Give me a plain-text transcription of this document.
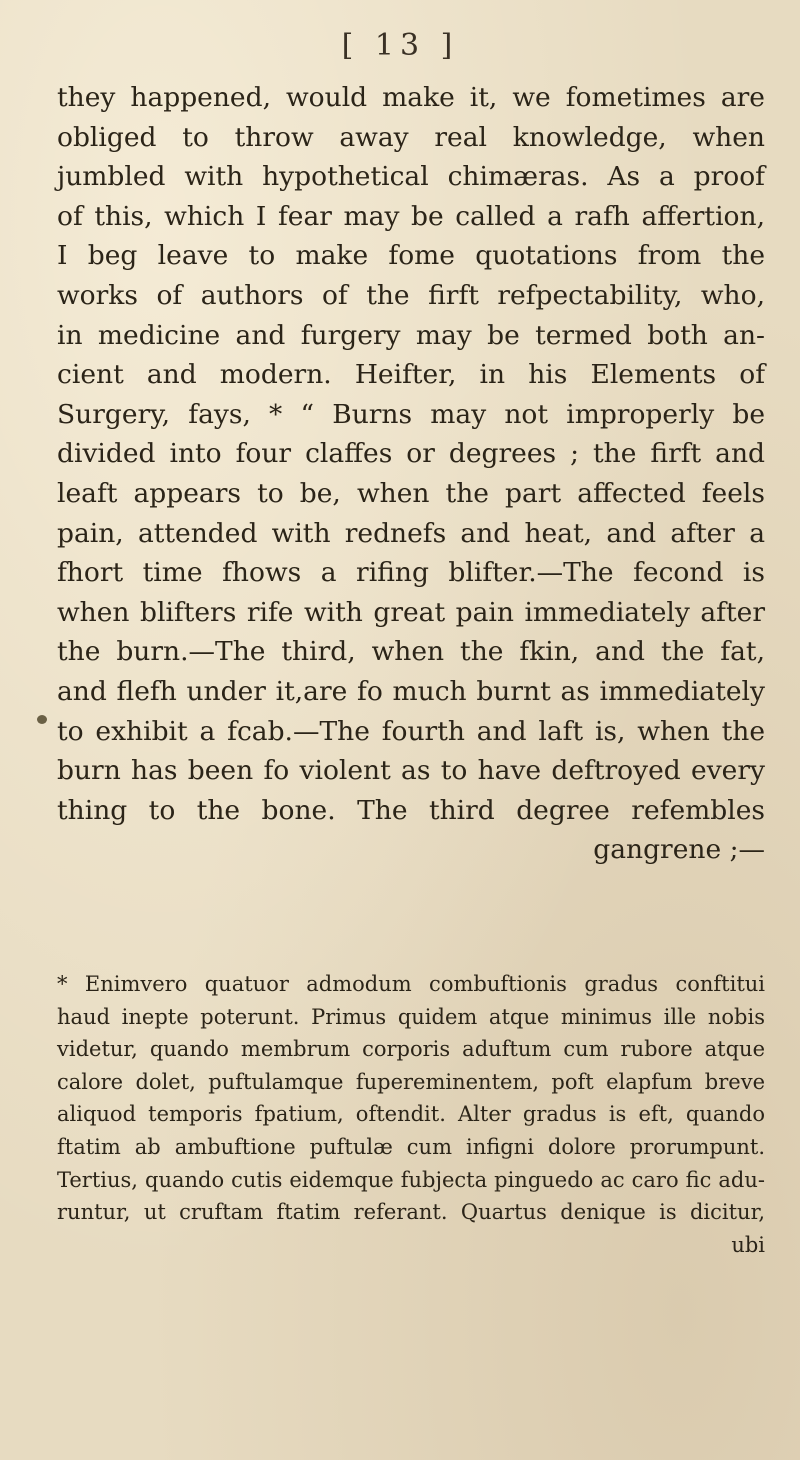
[ 13 ]
they happened, would make it, we fometimes are
obliged to throw away real knowledge, when
jumbled with hypothetical chimæras. As a proof
of this, which I fear may be called a rafh affertion,
I beg leave to make fome quotations from the
works of authors of the firft refpectability, who,
in medicine and furgery may be termed both an-
cient and modern. Heifter, in his Elements of
Surgery, fays, * “ Burns may not improperly be
divided into four claffes or degrees ; the firft and
leaft appears to be, when the part affected feels
pain, attended with rednefs and heat, and after a
fhort time fhows a rifing blifter.—The fecond is
when blifters rife with great pain immediately after
the burn.—The third, when the fkin, and the fat,
and flefh under it,are fo much burnt as immediately
to exhibit a fcab.—The fourth and laft is, when the
burn has been fo violent as to have deftroyed every
thing to the bone. The third degree refembles
gangrene ;—
* Enimvero quatuor admodum combuftionis gradus conftitui
haud inepte poterunt. Primus quidem atque minimus ille nobis
videtur, quando membrum corporis aduftum cum rubore atque
calore dolet, puftulamque fupereminentem, poft elapfum breve
aliquod temporis fpatium, oftendit. Alter gradus is eft, quando
ftatim ab ambuftione puftulæ cum infigni dolore prorumpunt.
Tertius, quando cutis eidemque fubjecta pinguedo ac caro fic adu-
runtur, ut cruftam ftatim referant. Quartus denique is dicitur,
ubi
